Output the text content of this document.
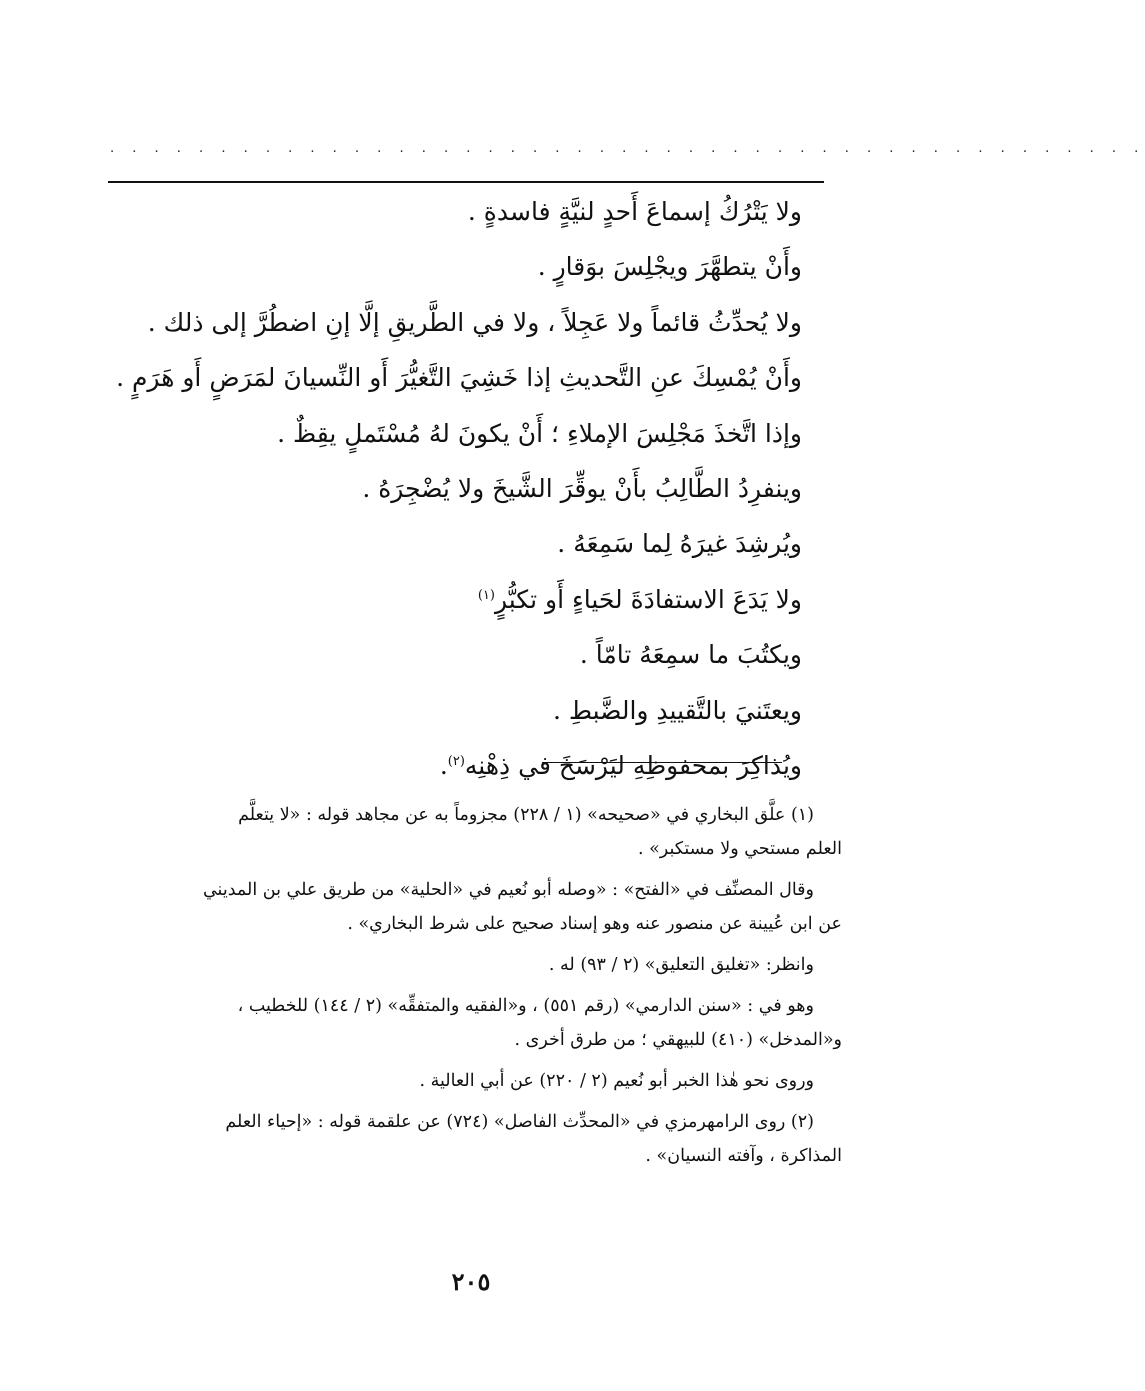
. . . . . . . . . . . . . . . . . . . . . . . . . . . . . . . . . . . . . . . . . . . . . . .
ولا يَتْرُكُ إسماعَ أَحدٍ لنيَّةٍ فاسدةٍ .
وأَنْ يتطهَّرَ ويجْلِسَ بوَقارٍ .
ولا يُحدِّثُ قائماً ولا عَجِلاً ، ولا في الطَّريقِ إلَّا إنِ اضطُرَّ إلى ذلك .
وأَنْ يُمْسِكَ عنِ التَّحديثِ إذا خَشِيَ التَّغيُّرَ أَو النِّسيانَ لمَرَضٍ أَو هَرَمٍ .
وإذا اتَّخذَ مَجْلِسَ الإملاءِ ؛ أَنْ يكونَ لهُ مُسْتَملٍ يقِظٌ .
وينفرِدُ الطَّالِبُ بأَنْ يوقِّرَ الشَّيخَ ولا يُضْجِرَهُ .
ويُرشِدَ غيرَهُ لِما سَمِعَهُ .
ولا يَدَعَ الاستفادَةَ لحَياءٍ أَو تكبُّرٍ$^{(١)}$
ويكتُبَ ما سمِعَهُ تامّاً .
ويعتَنيَ بالتَّقييدِ والضَّبطِ .
ويُذاكِرَ بمحفوظِهِ ليَرْسَخَ في ذِهْنِه$^{(٢)}$.
(١) علَّق البخاري في «صحيحه» (١ / ٢٢٨) مجزوماً به عن مجاهد قوله : «لا يتعلَّم
العلم مستحي ولا مستكبر» .
وقال المصنِّف في «الفتح» : «وصله أبو نُعيم في «الحلية» من طريق علي بن المديني
عن ابن عُيينة عن منصور عنه وهو إسناد صحيح على شرط البخاري» .
وانظر: «تغليق التعليق» (٢ / ٩٣) له .
وهو في : «سنن الدارمي» (رقم ٥٥١) ، و«الفقيه والمتفقِّه» (٢ / ١٤٤) للخطيب ،
و«المدخل» (٤١٠) للبيهقي ؛ من طرق أخرى .
وروى نحو هٰذا الخبر أبو نُعيم (٢ / ٢٢٠) عن أبي العالية .
(٢) روى الرامهرمزي في «المحدِّث الفاصل» (٧٢٤) عن علقمة قوله : «إحياء العلم
المذاكرة ، وآفته النسيان» .
٢٠٥
